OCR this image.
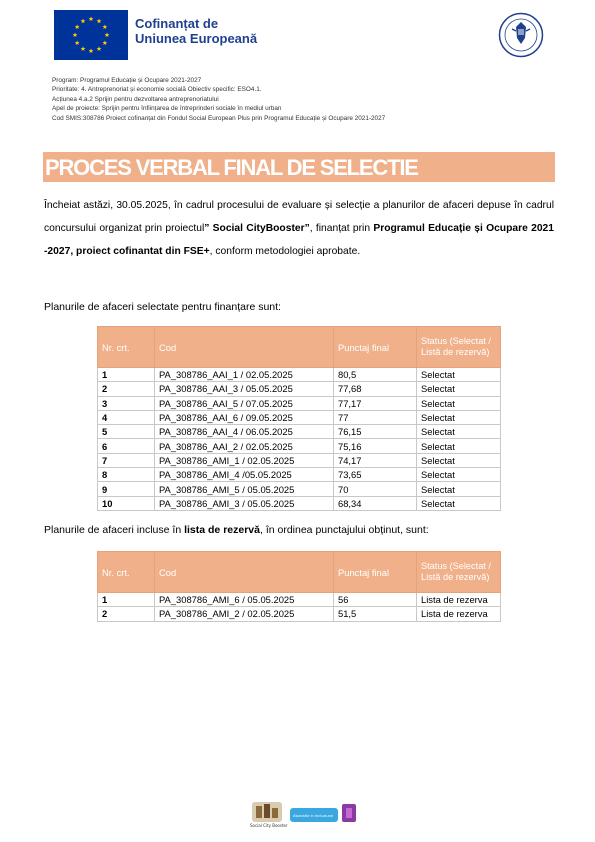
Cofinanțat de
Uniunea Europeană
Program: Programul Educație și Ocupare 2021-2027
Prioritate: 4. Antreprenoriat și economie socială Obiectiv specific: ESO4.1.
Acțiunea 4.a.2 Sprijin pentru dezvoltarea antreprenoriatului
Apel de proiecte: Sprijin pentru înființarea de întreprinderi sociale în mediul urban
Cod SMIS:308786 Proiect cofinanțat din Fondul Social European Plus prin Programul Educație și Ocupare 2021-2027
PROCES VERBAL FINAL DE SELECTIE
Încheiat astăzi, 30.05.2025, în cadrul procesului de evaluare și selecție a planurilor de afaceri depuse în cadrul concursului organizat prin proiectul” Social CityBooster”, finanțat prin Programul Educație și Ocupare 2021 -2027, proiect cofinantat din FSE+, conform metodologiei aprobate.
Planurile de afaceri selectate pentru finanțare sunt:
Nr. crt.	Cod	Punctaj final	Status (Selectat / Listă de rezervă)
1	PA_308786_AAI_1 / 02.05.2025	80,5	Selectat
2	PA_308786_AAI_3 / 05.05.2025	77,68	Selectat
3	PA_308786_AAI_5 / 07.05.2025	77,17	Selectat
4	PA_308786_AAI_6 / 09.05.2025	77	Selectat
5	PA_308786_AAI_4 / 06.05.2025	76,15	Selectat
6	PA_308786_AAI_2 / 02.05.2025	75,16	Selectat
7	PA_308786_AMI_1 / 02.05.2025	74,17	Selectat
8	PA_308786_AMI_4 /05.05.2025	73,65	Selectat
9	PA_308786_AMI_5 / 05.05.2025	70	Selectat
10	PA_308786_AMI_3 / 05.05.2025	68,34	Selectat
Planurile de afaceri incluse în lista de rezervă, în ordinea punctajului obținut, sunt:
Nr. crt.	Cod	Punctaj final	Status (Selectat / Listă de rezervă)
1	PA_308786_AMI_6 / 05.05.2025	56	Lista de rezerva
2	PA_308786_AMI_2 / 02.05.2025	51,5	Lista de rezerva
Social City Booster
Asociatia in Incluziune
